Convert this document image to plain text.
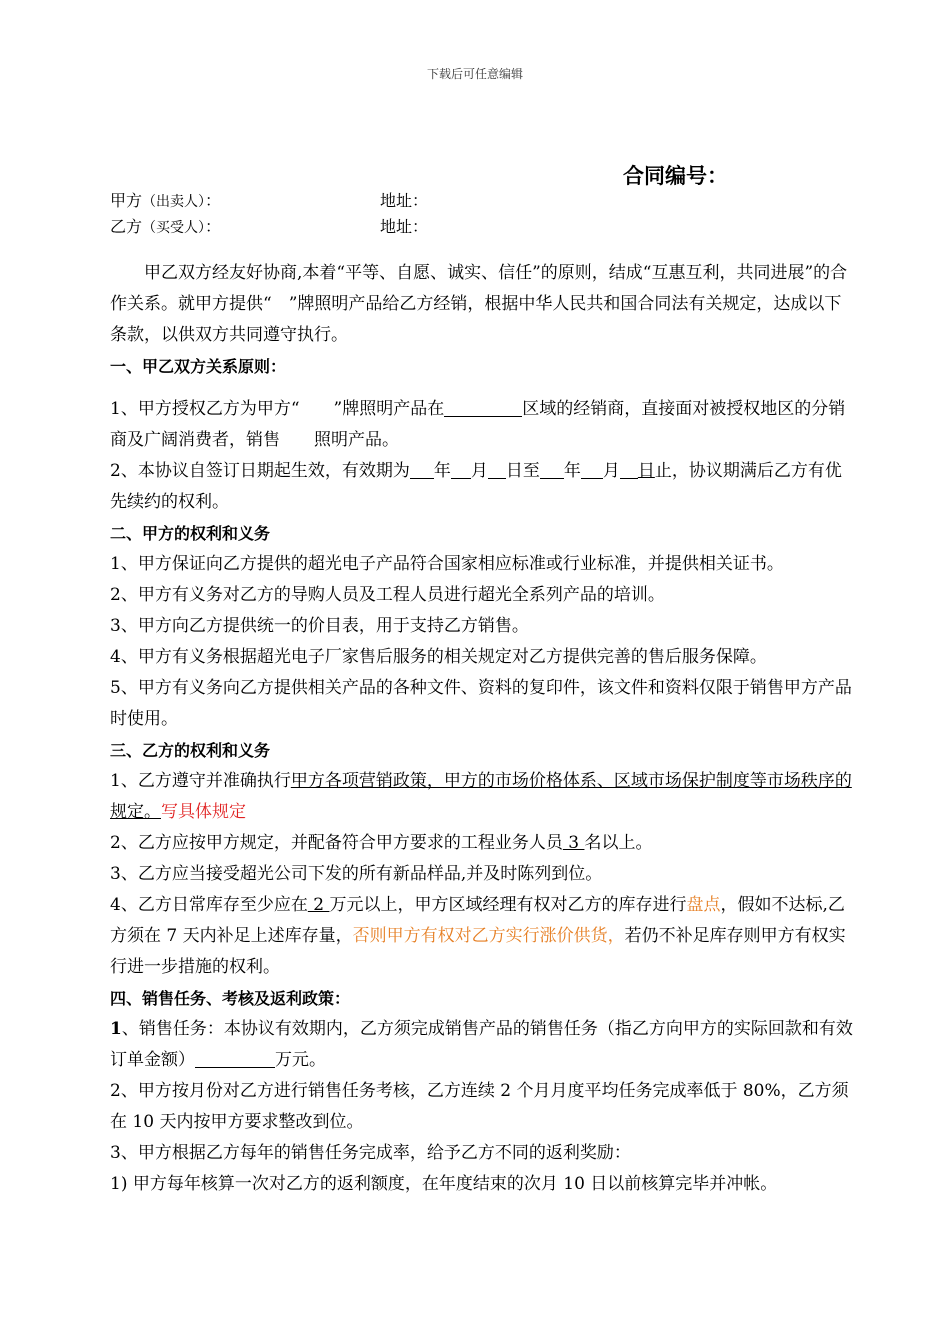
下载后可任意编辑
合同编号：
甲方（出卖人）：	地址：
乙方（买受人）：	地址：

甲乙双方经友好协商,本着“平等、自愿、诚实、信任”的原则，结成“互惠互利，共同进展”的合作关系。就甲方提供“　”牌照明产品给乙方经销，根据中华人民共和国合同法有关规定，达成以下条款，以供双方共同遵守执行。

一、甲乙双方关系原则：

1、甲方授权乙方为甲方“　　”牌照明产品在	区域的经销商，直接面对被授权地区的分销商及广阔消费者，销售　　照明产品。

2、本协议自签订日期起生效，有效期为 年 月 日至 年 月 日止，协议期满后乙方有优先续约的权利。

二、甲方的权利和义务

1、甲方保证向乙方提供的超光电子产品符合国家相应标准或行业标准，并提供相关证书。

2、甲方有义务对乙方的导购人员及工程人员进行超光全系列产品的培训。

3、甲方向乙方提供统一的价目表，用于支持乙方销售。

4、甲方有义务根据超光电子厂家售后服务的相关规定对乙方提供完善的售后服务保障。

5、甲方有义务向乙方提供相关产品的各种文件、资料的复印件，该文件和资料仅限于销售甲方产品时使用。

三、乙方的权利和义务

1、乙方遵守并准确执行甲方各项营销政策，甲方的市场价格体系、区域市场保护制度等市场秩序的规定。写具体规定

2、乙方应按甲方规定，并配备符合甲方要求的工程业务人员 3 名以上。

3、乙方应当接受超光公司下发的所有新品样品,并及时陈列到位。

4、乙方日常库存至少应在 2 万元以上，甲方区域经理有权对乙方的库存进行盘点，假如不达标,乙方须在 7 天内补足上述库存量，否则甲方有权对乙方实行涨价供货，若仍不补足库存则甲方有权实行进一步措施的权利。

四、销售任务、考核及返利政策：

1、销售任务：本协议有效期内，乙方须完成销售产品的销售任务（指乙方向甲方的实际回款和有效订单金额）	万元。

2、甲方按月份对乙方进行销售任务考核，乙方连续 2 个月月度平均任务完成率低于 80%，乙方须在 10 天内按甲方要求整改到位。

3、甲方根据乙方每年的销售任务完成率，给予乙方不同的返利奖励：

1) 甲方每年核算一次对乙方的返利额度，在年度结束的次月 10 日以前核算完毕并冲帐。
